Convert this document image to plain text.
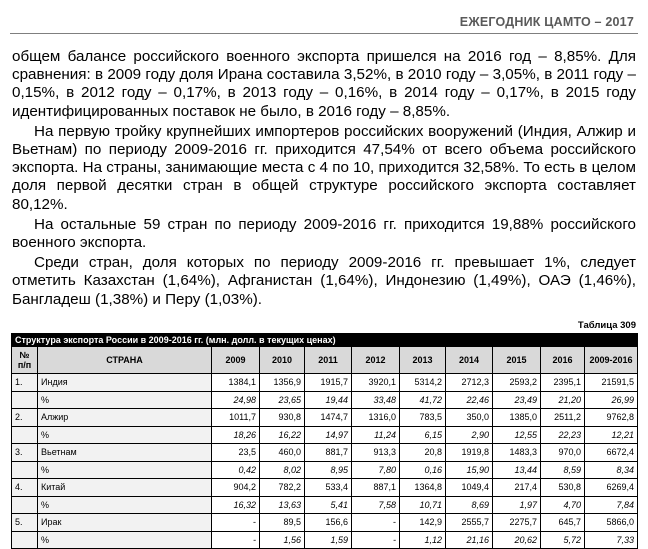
ЕЖЕГОДНИК ЦАМТО – 2017

общем балансе российского военного экспорта пришелся на 2016 год – 8,85%. Для сравнения: в 2009 году доля Ирана составила 3,52%, в 2010 году – 3,05%, в 2011 году – 0,15%, в 2012 году – 0,17%, в 2013 году – 0,16%, в 2014 году – 0,17%, в 2015 году идентифицированных поставок не было, в 2016 году – 8,85%.

На первую тройку крупнейших импортеров российских вооружений (Индия, Алжир и Вьетнам) по периоду 2009-2016 гг. приходится 47,54% от всего объема российского экспорта. На страны, занимающие места с 4 по 10, приходится 32,58%. То есть в целом доля первой десятки стран в общей структуре российского экспорта составляет 80,12%.

На остальные 59 стран по периоду 2009-2016 гг. приходится 19,88% российского военного экспорта.

Среди стран, доля которых по периоду 2009-2016 гг. превышает 1%, следует отметить Казахстан (1,64%), Афганистан (1,64%), Индонезию (1,49%), ОАЭ (1,46%), Бангладеш (1,38%) и Перу (1,03%).

Таблица 309
Структура экспорта России в 2009-2016 гг. (млн. долл. в текущих ценах)										
№
п/п	СТРАНА	2009	2010	2011	2012	2013	2014	2015	2016	2009-2016
1.	Индия	1384,1	1356,9	1915,7	3920,1	5314,2	2712,3	2593,2	2395,1	21591,5
	%	24,98	23,65	19,44	33,48	41,72	22,46	23,49	21,20	26,99
2.	Алжир	1011,7	930,8	1474,7	1316,0	783,5	350,0	1385,0	2511,2	9762,8
	%	18,26	16,22	14,97	11,24	6,15	2,90	12,55	22,23	12,21
3.	Вьетнам	23,5	460,0	881,7	913,3	20,8	1919,8	1483,3	970,0	6672,4
	%	0,42	8,02	8,95	7,80	0,16	15,90	13,44	8,59	8,34
4.	Китай	904,2	782,2	533,4	887,1	1364,8	1049,4	217,4	530,8	6269,4
	%	16,32	13,63	5,41	7,58	10,71	8,69	1,97	4,70	7,84
5.	Ирак	-	89,5	156,6	-	142,9	2555,7	2275,7	645,7	5866,0
	%	-	1,56	1,59	-	1,12	21,16	20,62	5,72	7,33
